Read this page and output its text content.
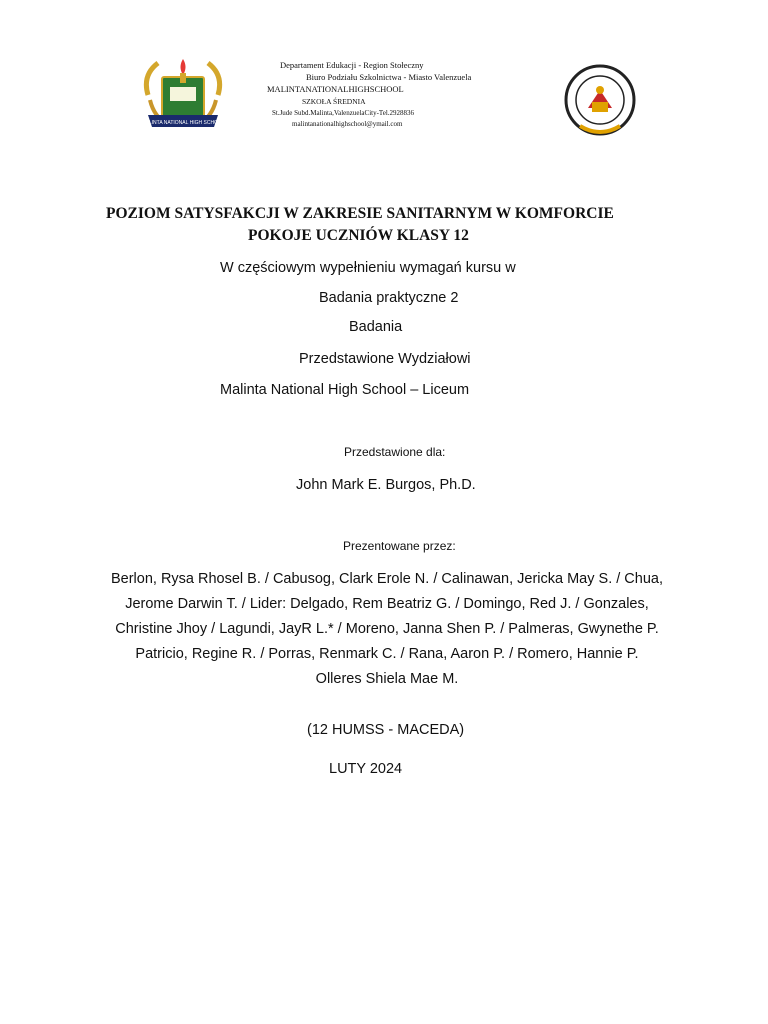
MALINTA NATIONAL HIGH SCHOOL
Departament Edukacji - Region Stołeczny
Biuro Podziału Szkolnictwa - Miasto Valenzuela
MALINTANATIONALHIGHSCHOOL
SZKOŁA ŚREDNIA
St.Jude Subd.Malinta,ValenzuelaCity-Tel.2928836
malintanationalhighschool@ymail.com
POZIOM SATYSFAKCJI W ZAKRESIE SANITARNYM W KOMFORCIE
POKOJE UCZNIÓW KLASY 12
W częściowym wypełnieniu wymagań kursu w
Badania praktyczne 2
Badania
Przedstawione Wydziałowi
Malinta National High School – Liceum
Przedstawione dla:
John Mark E. Burgos, Ph.D.
Prezentowane przez:
Berlon, Rysa Rhosel B. / Cabusog, Clark Erole N. / Calinawan, Jericka May S. / Chua,
Jerome Darwin T. / Lider: Delgado, Rem Beatriz G. / Domingo, Red J. / Gonzales,
Christine Jhoy / Lagundi, JayR L.* / Moreno, Janna Shen P. / Palmeras, Gwynethe P.
Patricio, Regine R. / Porras, Renmark C. / Rana, Aaron P. / Romero, Hannie P.
Olleres Shiela Mae M.
(12 HUMSS - MACEDA)
LUTY 2024
